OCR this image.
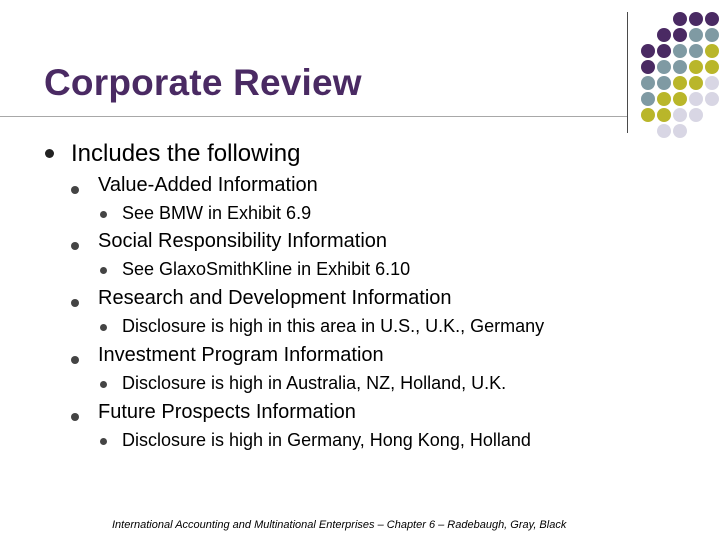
Corporate Review
Includes the following
Value-Added Information
See BMW in Exhibit 6.9
Social Responsibility Information
See GlaxoSmithKline in Exhibit 6.10
Research and Development Information
Disclosure is high in this area in U.S., U.K., Germany
Investment Program Information
Disclosure is high in Australia, NZ, Holland, U.K.
Future Prospects Information
Disclosure is high in Germany, Hong Kong, Holland
International Accounting and Multinational Enterprises – Chapter 6 – Radebaugh, Gray, Black
